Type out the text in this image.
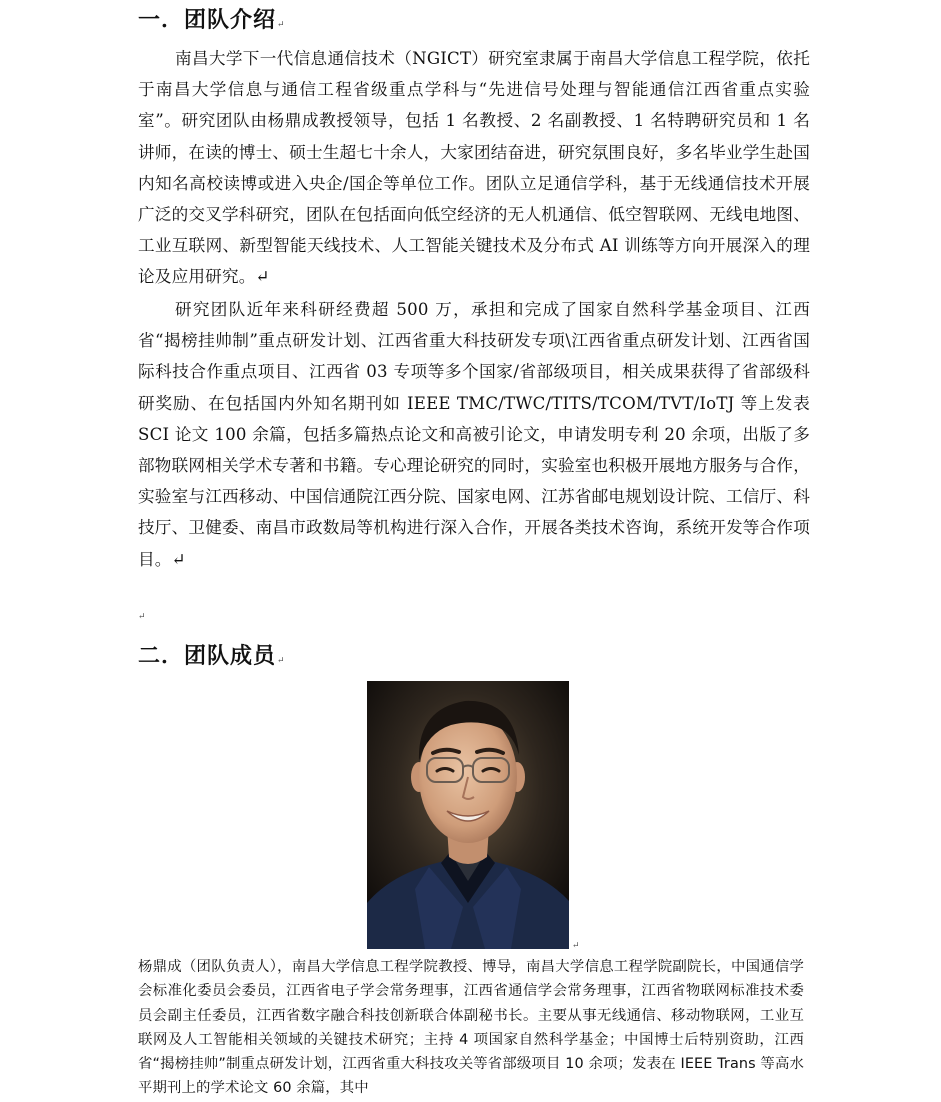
一．团队介绍↵

南昌大学下一代信息通信技术（NGICT）研究室隶属于南昌大学信息工程学院，依托于南昌大学信息与通信工程省级重点学科与“先进信号处理与智能通信江西省重点实验室”。研究团队由杨鼎成教授领导，包括 1 名教授、2 名副教授、1 名特聘研究员和 1 名讲师，在读的博士、硕士生超七十余人，大家团结奋进，研究氛围良好，多名毕业学生赴国内知名高校读博或进入央企/国企等单位工作。团队立足通信学科，基于无线通信技术开展广泛的交叉学科研究，团队在包括面向低空经济的无人机通信、低空智联网、无线电地图、工业互联网、新型智能天线技术、人工智能关键技术及分布式 AI 训练等方向开展深入的理论及应用研究。↵

研究团队近年来科研经费超 500 万，承担和完成了国家自然科学基金项目、江西省“揭榜挂帅制”重点研发计划、江西省重大科技研发专项\江西省重点研发计划、江西省国际科技合作重点项目、江西省 03 专项等多个国家/省部级项目，相关成果获得了省部级科研奖励、在包括国内外知名期刊如 IEEE TMC/TWC/TITS/TCOM/TVT/IoTJ 等上发表 SCI 论文 100 余篇，包括多篇热点论文和高被引论文，申请发明专利 20 余项，出版了多部物联网相关学术专著和书籍。专心理论研究的同时，实验室也积极开展地方服务与合作，实验室与江西移动、中国信通院江西分院、国家电网、江苏省邮电规划设计院、工信厅、科技厅、卫健委、南昌市政数局等机构进行深入合作，开展各类技术咨询，系统开发等合作项目。↵

↵
二．团队成员↵
↵

杨鼎成（团队负责人），南昌大学信息工程学院教授、博导，南昌大学信息工程学院副院长，中国通信学会标准化委员会委员，江西省电子学会常务理事，江西省通信学会常务理事，江西省物联网标准技术委员会副主任委员，江西省数字融合科技创新联合体副秘书长。主要从事无线通信、移动物联网，工业互联网及人工智能相关领域的关键技术研究；主持 4 项国家自然科学基金；中国博士后特别资助，江西省“揭榜挂帅”制重点研发计划，江西省重大科技攻关等省部级项目 10 余项；发表在 IEEE Trans 等高水平期刊上的学术论文 60 余篇，其中
